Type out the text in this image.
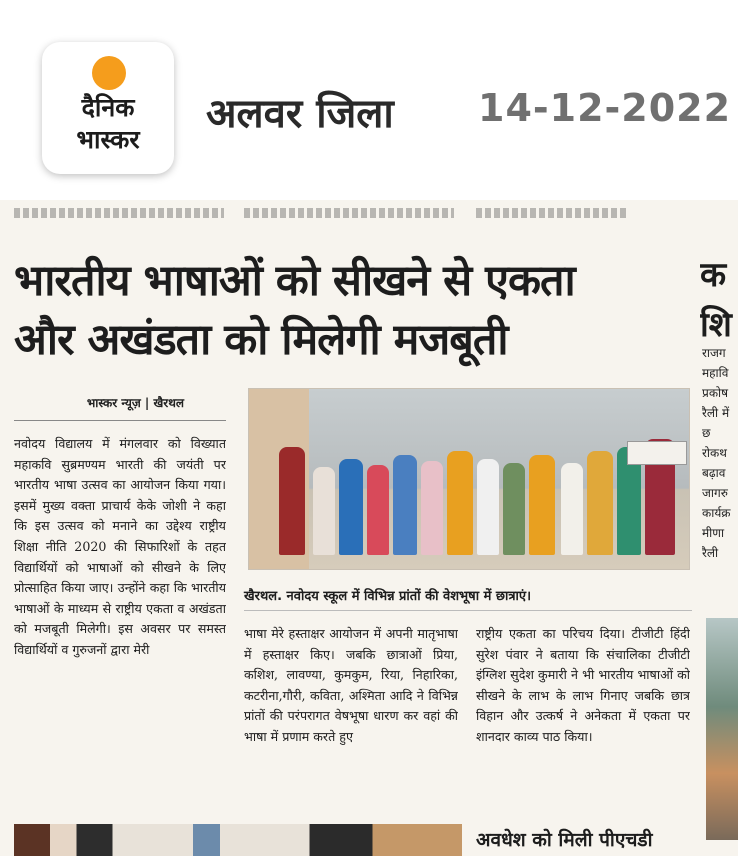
दैनिक
भास्कर
अलवर जिला 14-12-2022
भारतीय भाषाओं को सीखने से एकता
और अखंडता को मिलेगी मजबूती
क शि
राजग महावि प्रकोष रैली में छ रोकथ बढ़ाव जागरु कार्यक्र मीणा रैली
भास्कर न्यूज़ | खैरथल
खैरथल. नवोदय स्कूल में विभिन्न प्रांतों की वेशभूषा में छात्राएं।
नवोदय विद्यालय में मंगलवार को विख्यात महाकवि सुब्रमण्यम भारती की जयंती पर भारतीय भाषा उत्सव का आयोजन किया गया। इसमें मुख्य वक्ता प्राचार्य केके जोशी ने कहा कि इस उत्सव को मनाने का उद्देश्य राष्ट्रीय शिक्षा नीति 2020 की सिफारिशों के तहत विद्यार्थियों को भाषाओं को सीखने के लिए प्रोत्साहित किया जाए। उन्होंने कहा कि भारतीय भाषाओं के माध्यम से राष्ट्रीय एकता व अखंडता को मजबूती मिलेगी। इस अवसर पर समस्त विद्यार्थियों व गुरुजनों द्वारा मेरी
भाषा मेरे हस्ताक्षर आयोजन में अपनी मातृभाषा में हस्ताक्षर किए। जबकि छात्राओं प्रिया, कशिश, लावण्या, कुमकुम, रिया, निहारिका, कटरीना,गौरी, कविता, अश्मिता आदि ने विभिन्न प्रांतों की परंपरागत वेषभूषा धारण कर वहां की भाषा में प्रणाम करते हुए
राष्ट्रीय एकता का परिचय दिया। टीजीटी हिंदी सुरेश पंवार ने बताया कि संचालिका टीजीटी इंग्लिश सुदेश कुमारी ने भी भारतीय भाषाओं को सीखने के लाभ के लाभ गिनाए जबकि छात्र विहान और उत्कर्ष ने अनेकता में एकता पर शानदार काव्य पाठ किया।
अवधेश को मिली पीएचडी
